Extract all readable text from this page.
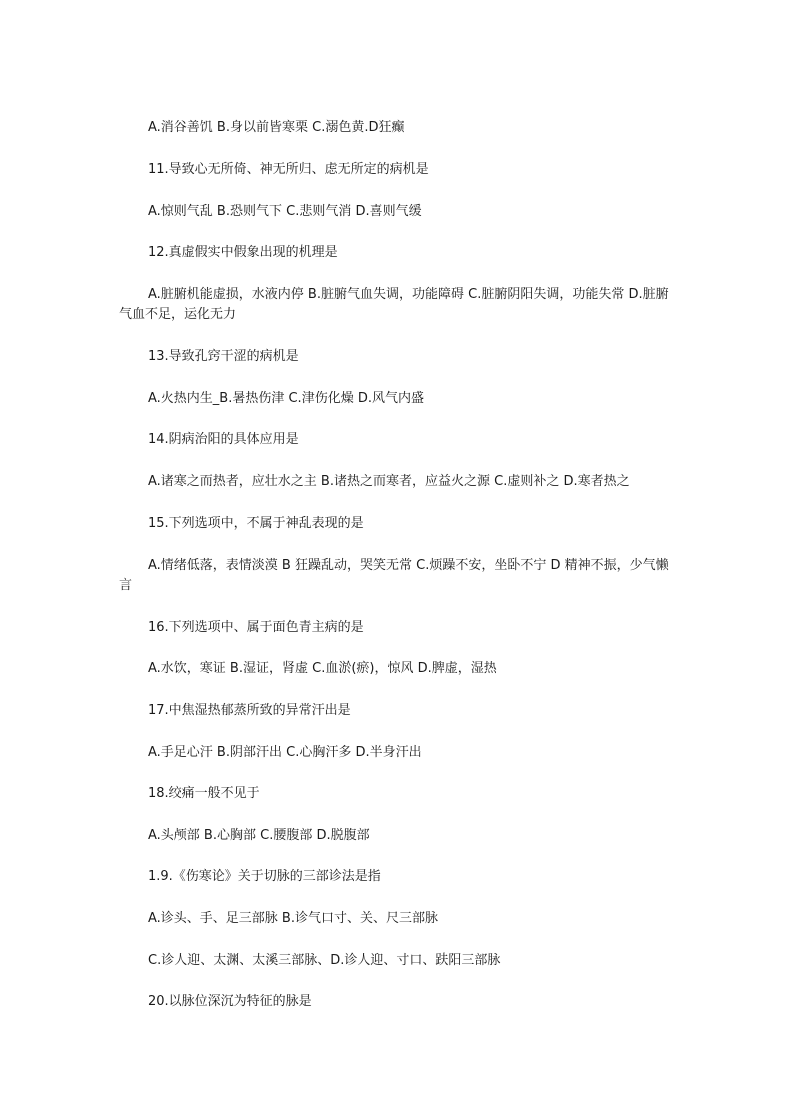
A.消谷善饥 B.身以前皆寒栗 C.溺色黄.D狂癫
11.导致心无所倚、神无所归、虑无所定的病机是
A.惊则气乱 B.恐则气下 C.悲则气消 D.喜则气缓
12.真虚假实中假象出现的机理是
A.脏腑机能虚损，水液内停 B.脏腑气血失调，功能障碍 C.脏腑阴阳失调，功能失常 D.脏腑气血不足，运化无力
13.导致孔窍干涩的病机是
A.火热内生_B.暑热伤津 C.津伤化燥 D.风气内盛
14.阴病治阳的具体应用是
A.诸寒之而热者，应壮水之主 B.诸热之而寒者，应益火之源 C.虚则补之 D.寒者热之
15.下列选项中，不属于神乱表现的是
A.情绪低落，表情淡漠 B 狂躁乱动，哭笑无常 C.烦躁不安，坐卧不宁 D 精神不振，少气懒言
16.下列选项中、属于面色青主病的是
A.水饮，寒证 B.湿证，肾虚 C.血淤(瘀)，惊风 D.脾虚，湿热
17.中焦湿热郁蒸所致的异常汗出是
A.手足心汗 B.阴部汗出 C.心胸汗多 D.半身汗出
18.绞痛一般不见于
A.头颅部 B.心胸部 C.腰腹部 D.脱腹部
1.9.《伤寒论》关于切脉的三部诊法是指
A.诊头、手、足三部脉 B.诊气口寸、关、尺三部脉
C.诊人迎、太渊、太溪三部脉、D.诊人迎、寸口、趺阳三部脉
20.以脉位深沉为特征的脉是
